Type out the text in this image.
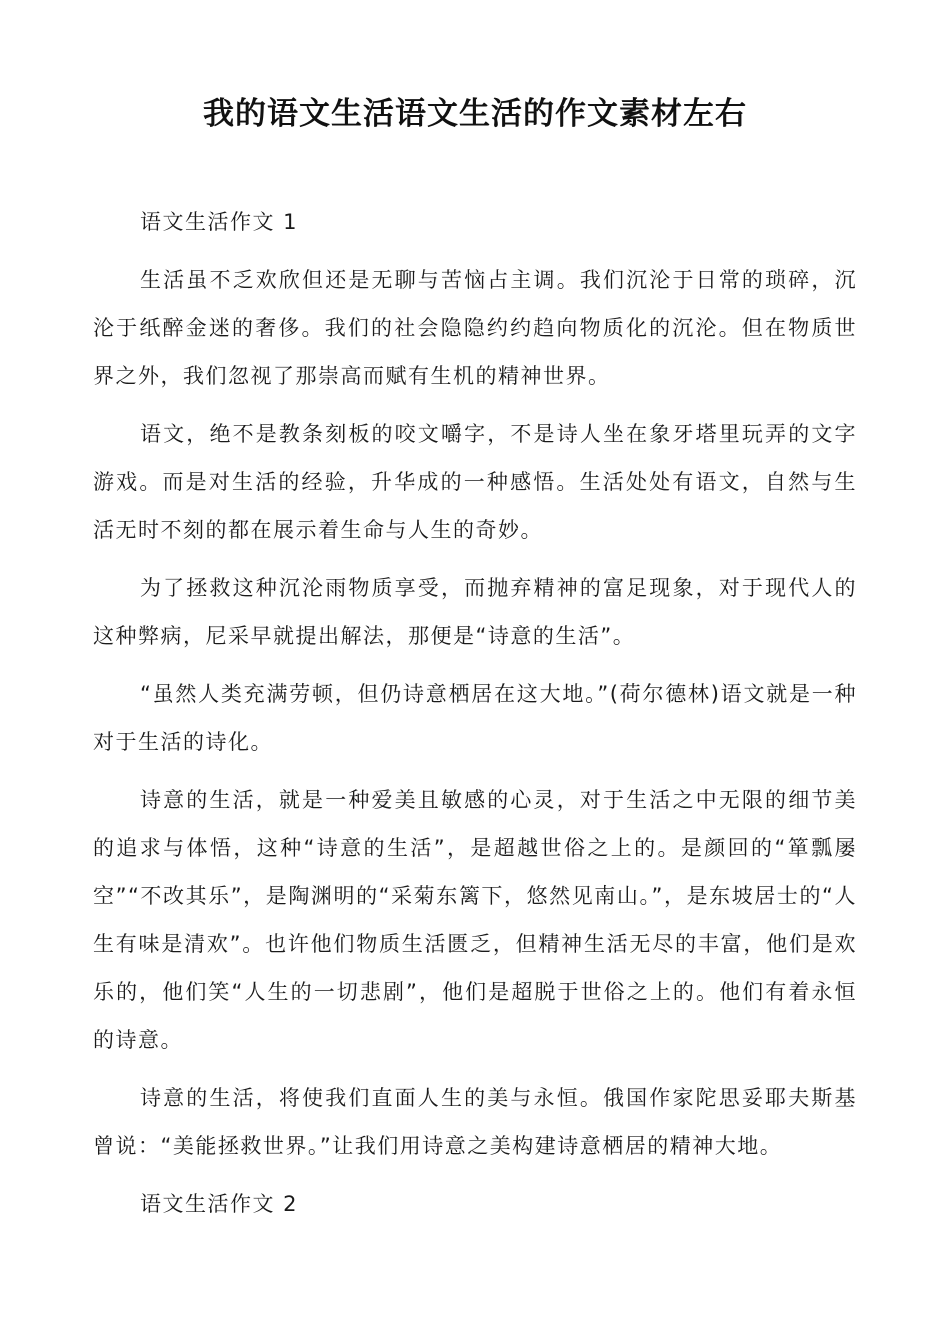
我的语文生活语文生活的作文素材左右

语文生活作文 1

生活虽不乏欢欣但还是无聊与苦恼占主调。我们沉沦于日常的琐碎，沉沦于纸醉金迷的奢侈。我们的社会隐隐约约趋向物质化的沉沦。但在物质世界之外，我们忽视了那崇高而赋有生机的精神世界。

语文，绝不是教条刻板的咬文嚼字，不是诗人坐在象牙塔里玩弄的文字游戏。而是对生活的经验，升华成的一种感悟。生活处处有语文，自然与生活无时不刻的都在展示着生命与人生的奇妙。

为了拯救这种沉沦雨物质享受，而抛弃精神的富足现象，对于现代人的这种弊病，尼采早就提出解法，那便是“诗意的生活”。

“虽然人类充满劳顿，但仍诗意栖居在这大地。”(荷尔德林)语文就是一种对于生活的诗化。

诗意的生活，就是一种爱美且敏感的心灵，对于生活之中无限的细节美的追求与体悟，这种“诗意的生活”，是超越世俗之上的。是颜回的“箪瓢屡空”“不改其乐”，是陶渊明的“采菊东篱下，悠然见南山。”，是东坡居士的“人生有味是清欢”。也许他们物质生活匮乏，但精神生活无尽的丰富，他们是欢乐的，他们笑“人生的一切悲剧”，他们是超脱于世俗之上的。他们有着永恒的诗意。

诗意的生活，将使我们直面人生的美与永恒。俄国作家陀思妥耶夫斯基曾说：“美能拯救世界。”让我们用诗意之美构建诗意栖居的精神大地。

语文生活作文 2
